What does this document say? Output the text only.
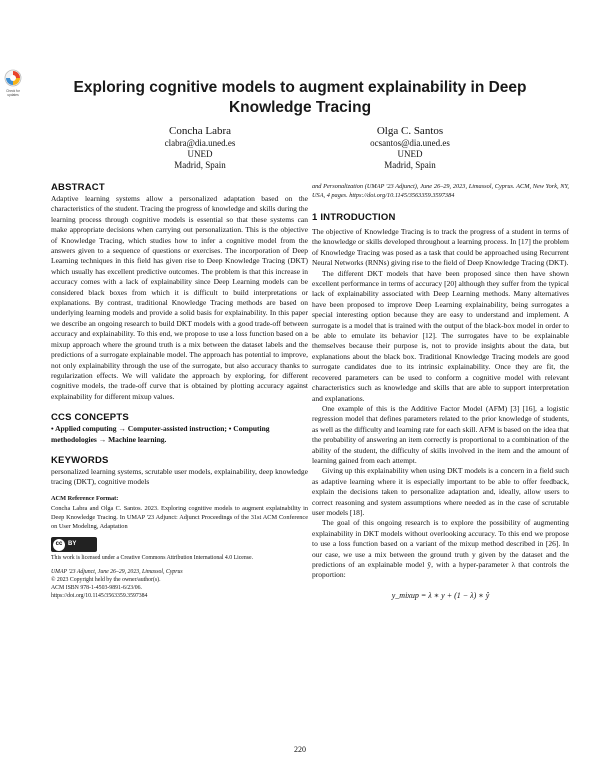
Check for
updates	Exploring cognitive models to augment explainability in Deep Knowledge Tracing
Concha Labra
clabra@dia.uned.es
UNED
Madrid, Spain
Olga C. Santos
ocsantos@dia.uned.es
UNED
Madrid, Spain
ABSTRACT

Adaptive learning systems allow a personalized adaptation based on the characteristics of the student. Tracing the progress of knowledge and skills during the learning process through cognitive models is essential so that these systems can make appropriate decisions when carrying out personalization. This is the objective of Knowledge Tracing, which studies how to infer a cognitive model from the answers given to a sequence of questions or exercises. The incorporation of Deep Learning techniques in this field has given rise to Deep Knowledge Tracing (DKT) which usually has excellent predictive outcomes. The problem is that this increase in accuracy comes with a lack of explainability since Deep Learning models can be considered black boxes from which it is difficult to build interpretations or explanations. By contrast, traditional Knowledge Tracing methods are based on underlying learning models and provide a solid basis for explainability. In this paper we describe an ongoing research to build DKT models with a good trade-off between accuracy and explainability. To this end, we propose to use a loss function based on a mixup approach where the ground truth is a mix between the dataset labels and the predictions of a surrogate explainable model. The approach has potential to improve, not only explainability through the use of the surrogate, but also accuracy thanks to regularization effects. We will validate the approach by exploring, for different cognitive models, the trade-off curve that is obtained by plotting accuracy against explainability for different mixup values.

CCS CONCEPTS

• Applied computing → Computer-assisted instruction; • Computing methodologies → Machine learning.

KEYWORDS

personalized learning systems, scrutable user models, explainability, deep knowledge tracing (DKT), cognitive models

ACM Reference Format:

Concha Labra and Olga C. Santos. 2023. Exploring cognitive models to augment explainability in Deep Knowledge Tracing. In UMAP '23 Adjunct: Adjunct Proceedings of the 31st ACM Conference on User Modeling, Adaptation

cc BY

This work is licensed under a Creative Commons Attribution International 4.0 License.

UMAP '23 Adjunct, June 26–29, 2023, Limassol, Cyprus
© 2023 Copyright held by the owner/author(s).
ACM ISBN 978-1-4503-9891-6/23/06.
https://doi.org/10.1145/3563359.3597384

and Personalization (UMAP '23 Adjunct), June 26–29, 2023, Limassol, Cyprus. ACM, New York, NY, USA, 4 pages. https://doi.org/10.1145/3563359.3597384

1 INTRODUCTION

The objective of Knowledge Tracing is to track the progress of a student in terms of the knowledge or skills developed throughout a learning process. In [17] the problem of Knowledge Tracing was posed as a task that could be approached using Recurrent Neural Networks (RNNs) giving rise to the field of Deep Knowledge Tracing (DKT).

The different DKT models that have been proposed since then have shown excellent performance in terms of accuracy [20] although they suffer from the typical lack of explainability associated with Deep Learning methods. Many alternatives have been proposed to improve Deep Learning explainability, being surrogates a special interesting option because they are easy to understand and implement. A surrogate is a model that is trained with the output of the black-box model in order to be able to emulate its behavior [12]. The surrogates have to be explainable themselves because their purpose is, not to provide insights about the data, but explanations about the black box. Traditional Knowledge Tracing models are good surrogate candidates due to its intrinsic explainability. Once they are fit, the recovered parameters can be used to conform a cognitive model with relevant characteristics such as knowledge and skills that are able to support interpretation and explanations.

One example of this is the Additive Factor Model (AFM) [3] [16], a logistic regression model that defines parameters related to the prior knowledge of students, as well as the difficulty and learning rate for each skill. AFM is based on the idea that the probability of answering an item correctly is proportional to a combination of the ability of the student, the difficulty of skills involved in the item and the amount of learning gained from each attempt.

Giving up this explainability when using DKT models is a concern in a field such as adaptive learning where it is especially important to be able to offer feedback, explain the decisions taken to personalize adaptation and, ideally, allow users to correct reasoning and system assumptions where needed as in the case of scrutable user models [18].

The goal of this ongoing research is to explore the possibility of augmenting explainability in DKT models without overlooking accuracy. To this end we propose to use a loss function based on a variant of the mixup method described in [26]. In our case, we use a mix between the ground truth y given by the dataset and the predictions of an explainable model ŷ, with a hyper-parameter λ that controls the proportion:

y_mixup = λ ∗ y + (1 − λ) ∗ ŷ
220
